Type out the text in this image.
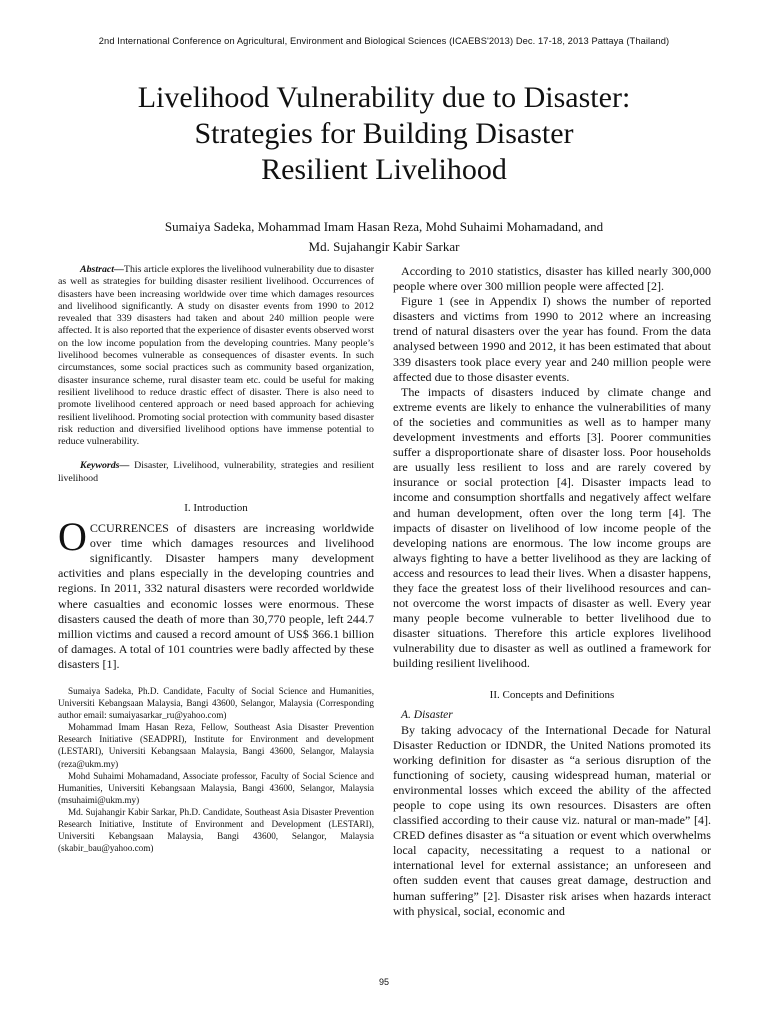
2nd International Conference on Agricultural, Environment and Biological Sciences (ICAEBS'2013) Dec. 17-18, 2013 Pattaya (Thailand)
Livelihood Vulnerability due to Disaster:
Strategies for Building Disaster
Resilient Livelihood
Sumaiya Sadeka, Mohammad Imam Hasan Reza, Mohd Suhaimi Mohamadand, and
Md. Sujahangir Kabir Sarkar

Abstract—This article explores the livelihood vulnerability due to disaster as well as strategies for building disaster resilient livelihood. Occurrences of disasters have been increasing worldwide over time which damages resources and livelihood significantly. A study on disaster events from 1990 to 2012 revealed that 339 disasters had taken and about 240 million people were affected. It is also reported that the experience of disaster events observed worst on the low income population from the developing countries. Many people’s livelihood becomes vulnerable as consequences of disaster events. In such circumstances, some social practices such as community based organization, disaster insurance scheme, rural disaster team etc. could be useful for making resilient livelihood to reduce drastic effect of disaster. There is also need to promote livelihood centered approach or need based approach for achieving resilient livelihood. Promoting social protection with community based disaster risk reduction and diversified livelihood options have immense potential to reduce vulnerability.

Keywords— Disaster, Livelihood, vulnerability, strategies and resilient livelihood

I. Introduction

OCCURRENCES of disasters are increasing worldwide over time which damages resources and livelihood significantly. Disaster hampers many development activities and plans especially in the developing countries and regions. In 2011, 332 natural disasters were recorded worldwide where casualties and economic losses were enormous. These disasters caused the death of more than 30,770 people, left 244.7 million victims and caused a record amount of US$ 366.1 billion of damages. A total of 101 countries were badly affected by these disasters [1].

Sumaiya Sadeka, Ph.D. Candidate, Faculty of Social Science and Humanities, Universiti Kebangsaan Malaysia, Bangi 43600, Selangor, Malaysia (Corresponding author email: sumaiyasarkar_ru@yahoo.com)

Mohammad Imam Hasan Reza, Fellow, Southeast Asia Disaster Prevention Research Initiative (SEADPRI), Institute for Environment and development (LESTARI), Universiti Kebangsaan Malaysia, Bangi 43600, Selangor, Malaysia (reza@ukm.my)

Mohd Suhaimi Mohamadand, Associate professor, Faculty of Social Science and Humanities, Universiti Kebangsaan Malaysia, Bangi 43600, Selangor, Malaysia (msuhaimi@ukm.my)

Md. Sujahangir Kabir Sarkar, Ph.D. Candidate, Southeast Asia Disaster Prevention Research Initiative, Institute of Environment and Development (LESTARI), Universiti Kebangsaan Malaysia, Bangi 43600, Selangor, Malaysia (skabir_bau@yahoo.com)

According to 2010 statistics, disaster has killed nearly 300,000 people where over 300 million people were affected [2].

Figure 1 (see in Appendix I) shows the number of reported disasters and victims from 1990 to 2012 where an increasing trend of natural disasters over the year has found. From the data analysed between 1990 and 2012, it has been estimated that about 339 disasters took place every year and 240 million people were affected due to those disaster events.

The impacts of disasters induced by climate change and extreme events are likely to enhance the vulnerabilities of many of the societies and communities as well as to hamper many development investments and efforts [3]. Poorer communities suffer a disproportionate share of disaster loss. Poor households are usually less resilient to loss and are rarely covered by insurance or social protection [4]. Disaster impacts lead to income and consumption shortfalls and negatively affect welfare and human development, often over the long term [4]. The impacts of disaster on livelihood of low income people of the developing nations are enormous. The low income groups are always fighting to have a better livelihood as they are lacking of access and resources to lead their lives. When a disaster happens, they face the greatest loss of their livelihood resources and can-not overcome the worst impacts of disaster as well. Every year many people become vulnerable to better livelihood due to disaster situations. Therefore this article explores livelihood vulnerability due to disaster as well as outlined a framework for building resilient livelihood.

II. Concepts and Definitions
A. Disaster

By taking advocacy of the International Decade for Natural Disaster Reduction or IDNDR, the United Nations promoted its working definition for disaster as “a serious disruption of the functioning of society, causing widespread human, material or environmental losses which exceed the ability of the affected people to cope using its own resources. Disasters are often classified according to their cause viz. natural or man-made” [4]. CRED defines disaster as “a situation or event which overwhelms local capacity, necessitating a request to a national or international level for external assistance; an unforeseen and often sudden event that causes great damage, destruction and human suffering” [2]. Disaster risk arises when hazards interact with physical, social, economic and

95
